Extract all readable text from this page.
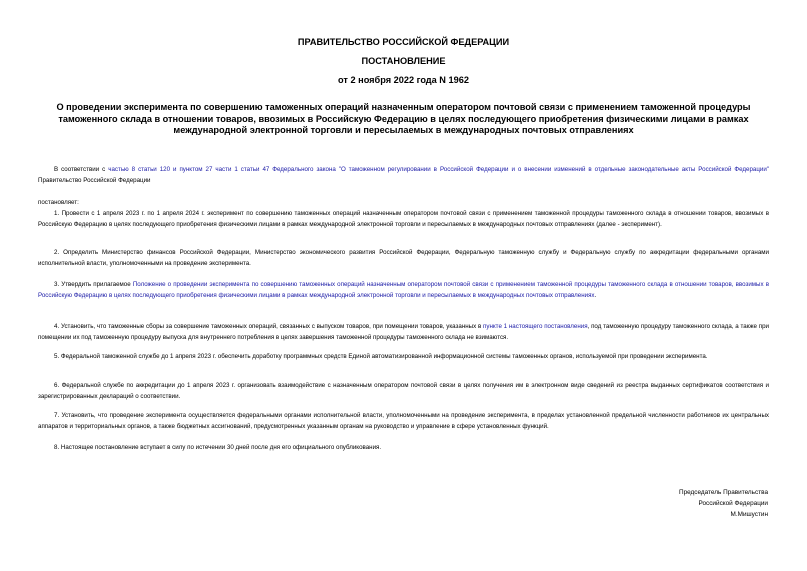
ПРАВИТЕЛЬСТВО РОССИЙСКОЙ ФЕДЕРАЦИИ
ПОСТАНОВЛЕНИЕ
от 2 ноября 2022 года N 1962
О проведении эксперимента по совершению таможенных операций назначенным оператором почтовой связи с применением таможенной процедуры таможенного склада в отношении товаров, ввозимых в Российскую Федерацию в целях последующего приобретения физическими лицами в рамках международной электронной торговли и пересылаемых в международных почтовых отправлениях
В соответствии с частью 8 статьи 120 и пунктом 27 части 1 статьи 47 Федерального закона "О таможенном регулировании в Российской Федерации и о внесении изменений в отдельные законодательные акты Российской Федерации" Правительство Российской Федерации
постановляет:
1. Провести с 1 апреля 2023 г. по 1 апреля 2024 г. эксперимент по совершению таможенных операций назначенным оператором почтовой связи с применением таможенной процедуры таможенного склада в отношении товаров, ввозимых в Российскую Федерацию в целях последующего приобретения физическими лицами в рамках международной электронной торговли и пересылаемых в международных почтовых отправлениях (далее - эксперимент).
2. Определить Министерство финансов Российской Федерации, Министерство экономического развития Российской Федерации, Федеральную таможенную службу и Федеральную службу по аккредитации федеральными органами исполнительной власти, уполномоченными на проведение эксперимента.
3. Утвердить прилагаемое Положение о проведении эксперимента по совершению таможенных операций назначенным оператором почтовой связи с применением таможенной процедуры таможенного склада в отношении товаров, ввозимых в Российскую Федерацию в целях последующего приобретения физическими лицами в рамках международной электронной торговли и пересылаемых в международных почтовых отправлениях.
4. Установить, что таможенные сборы за совершение таможенных операций, связанных с выпуском товаров, при помещении товаров, указанных в пункте 1 настоящего постановления, под таможенную процедуру таможенного склада, а также при помещении их под таможенную процедуру выпуска для внутреннего потребления в целях завершения таможенной процедуры таможенного склада не взимаются.
5. Федеральной таможенной службе до 1 апреля 2023 г. обеспечить доработку программных средств Единой автоматизированной информационной системы таможенных органов, используемой при проведении эксперимента.
6. Федеральной службе по аккредитации до 1 апреля 2023 г. организовать взаимодействие с назначенным оператором почтовой связи в целях получения им в электронном виде сведений из реестра выданных сертификатов соответствия и зарегистрированных деклараций о соответствии.
7. Установить, что проведение эксперимента осуществляется федеральными органами исполнительной власти, уполномоченными на проведение эксперимента, в пределах установленной предельной численности работников их центральных аппаратов и территориальных органов, а также бюджетных ассигнований, предусмотренных указанным органам на руководство и управление в сфере установленных функций.
8. Настоящее постановление вступает в силу по истечении 30 дней после дня его официального опубликования.
Председатель Правительства
Российской Федерации
М.Мишустин
